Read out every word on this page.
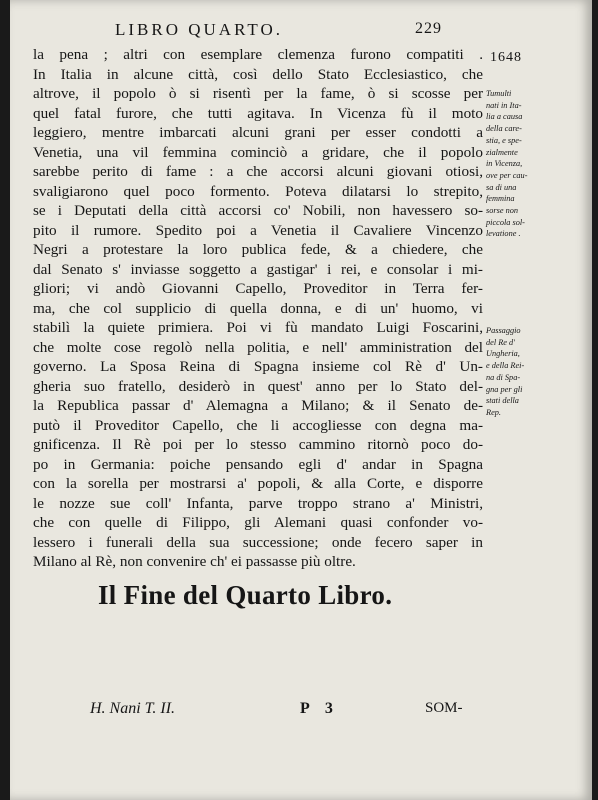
LIBRO QUARTO.	229
1648
la pena ; altri con esemplare clemenza furono compatiti .
In Italia in alcune città, così dello Stato Ecclesiastico, che
altrove, il popolo ò si risentì per la fame, ò si scosse per
quel fatal furore, che tutti agitava. In Vicenza fù il moto
leggiero, mentre imbarcati alcuni grani per esser condotti a
Venetia, una vil femmina cominciò a gridare, che il popolo
sarebbe perito di fame : a che accorsi alcuni giovani otiosi,
svaligiarono quel poco formento. Poteva dilatarsi lo strepito,
se i Deputati della città accorsi co' Nobili, non havessero so-
pito il rumore. Spedito poi a Venetia il Cavaliere Vincenzo
Negri a protestare la loro publica fede, & a chiedere, che
dal Senato s' inviasse soggetto a gastigar' i rei, e consolar i mi-
gliori; vi andò Giovanni Capello, Proveditor in Terra fer-
ma, che col supplicio di quella donna, e di un' huomo, vi
stabilì la quiete primiera. Poi vi fù mandato Luigi Foscarini,
che molte cose regolò nella politia, e nell' amministration del
governo. La Sposa Reina di Spagna insieme col Rè d' Un-
gheria suo fratello, desiderò in quest' anno per lo Stato del-
la Republica passar d' Alemagna a Milano; & il Senato de-
putò il Proveditor Capello, che li accogliesse con degna ma-
gnificenza. Il Rè poi per lo stesso cammino ritornò poco do-
po in Germania: poiche pensando egli d' andar in Spagna
con la sorella per mostrarsi a' popoli, & alla Corte, e disporre
le nozze sue coll' Infanta, parve troppo strano a' Ministri,
che con quelle di Filippo, gli Alemani quasi confonder vo-
lessero i funerali della sua successione; onde fecero saper in
Milano al Rè, non convenire ch' ei passasse più oltre.
Tumulti
nati in Ita-
lia a causa
della care-
stia, e spe-
zialmente
in Vicenza,
ove per cau-
sa di una
femmina
sorse non
piccola sol-
levatione .
Passaggio
del Re d'
Ungheria,
e della Rei-
na di Spa-
gna per gli
stati della
Rep.
Il Fine del Quarto Libro.
H. Nani T. II.	P 3	SOM-
